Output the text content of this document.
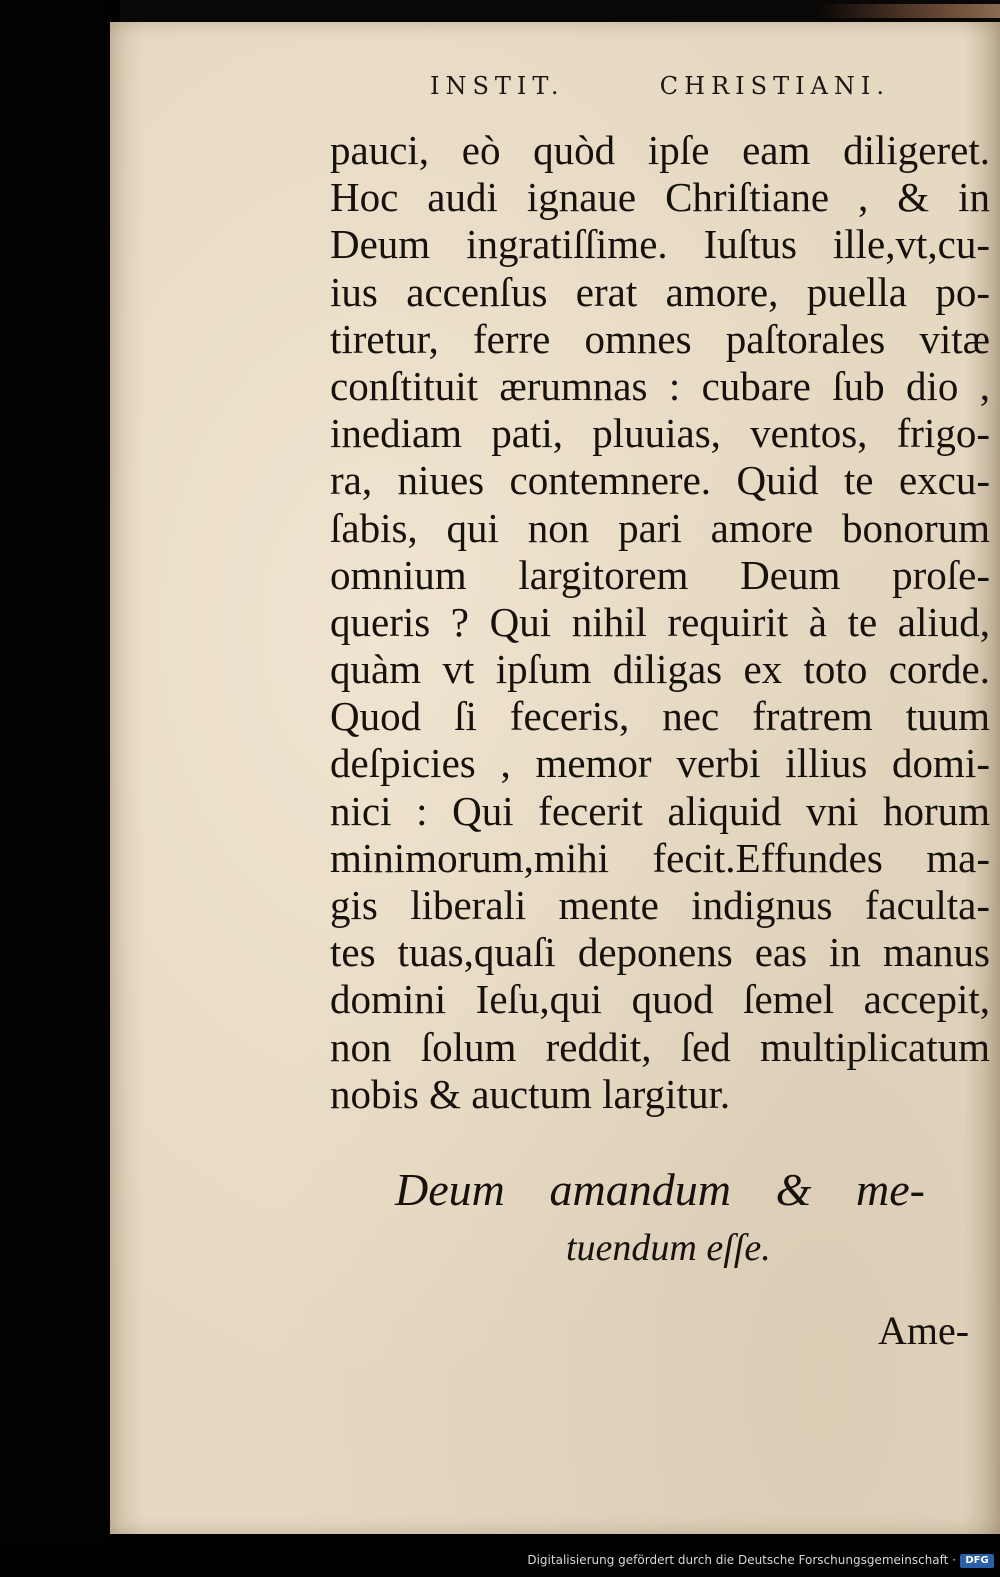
INSTIT.	CHRISTIANI.
pauci, eò quòd ipſe eam diligeret.
Hoc audi ignaue Chriſtiane , & in
Deum ingratiſſime. Iuſtus ille,vt,cu-
ius accenſus erat amore, puella po-
tiretur, ferre omnes paſtorales vitæ
conſtituit ærumnas : cubare ſub dio ,
inediam pati, pluuias, ventos, frigo-
ra, niues contemnere. Quid te excu-
ſabis, qui non pari amore bonorum
omnium largitorem Deum proſe-
queris ? Qui nihil requirit à te aliud,
quàm vt ipſum diligas ex toto corde.
Quod ſi feceris, nec fratrem tuum
deſpicies , memor verbi illius domi-
nici : Qui fecerit aliquid vni horum
minimorum,mihi fecit.Effundes ma-
gis liberali mente indignus faculta-
tes tuas,quaſi deponens eas in manus
domini Ieſu,qui quod ſemel accepit,
non ſolum reddit, ſed multiplicatum
nobis & auctum largitur.
Deum amandum & me-
tuendum eſſe.
Ame-
Digitalisierung gefördert durch die Deutsche Forschungsgemeinschaft · DFG
